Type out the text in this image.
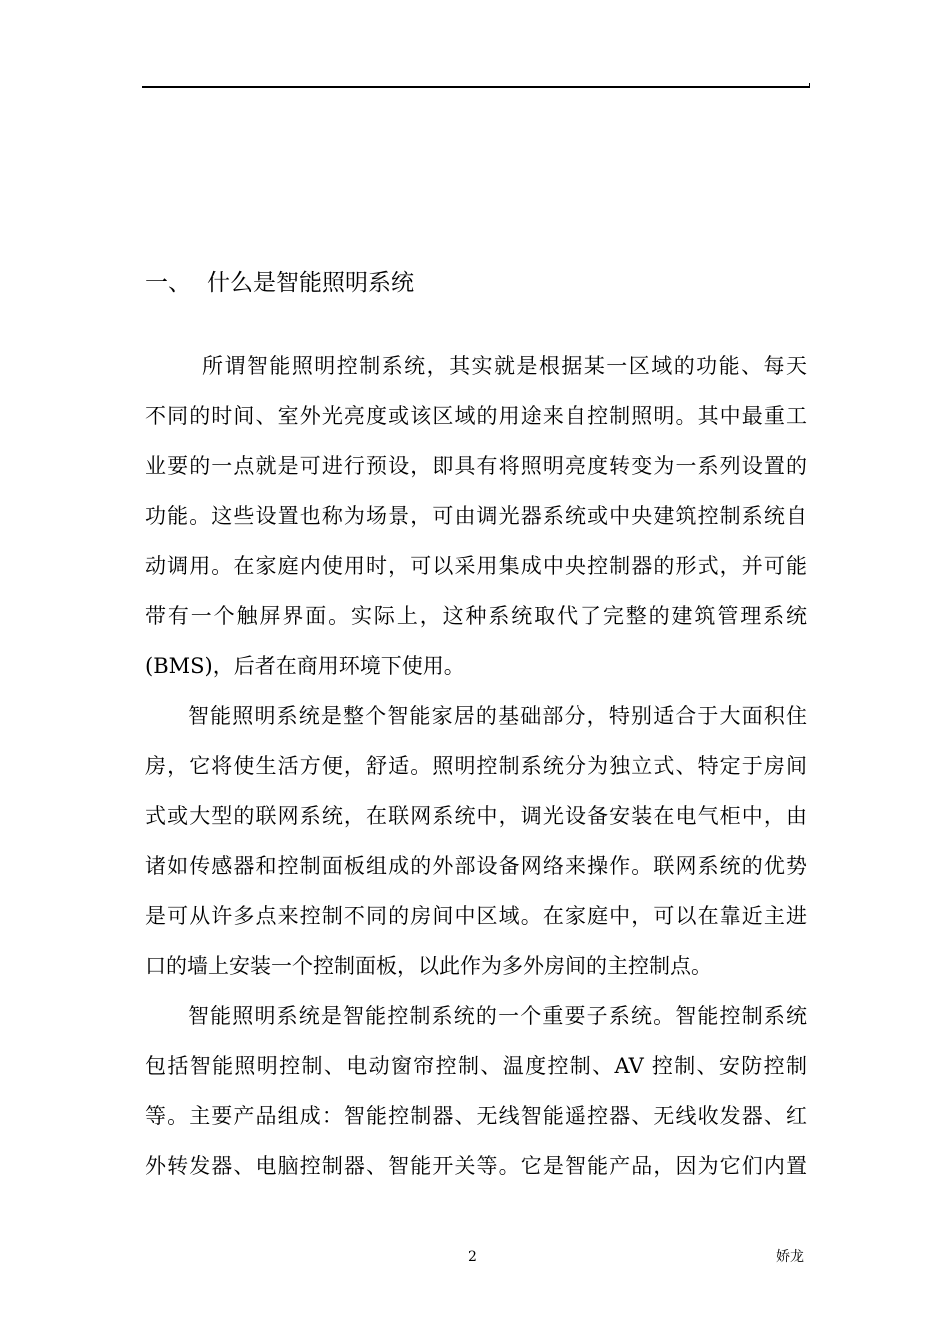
一、 什么是智能照明系统
所谓智能照明控制系统，其实就是根据某一区域的功能、每天
不同的时间、室外光亮度或该区域的用途来自控制照明。其中最重工
业要的一点就是可进行预设，即具有将照明亮度转变为一系列设置的
功能。这些设置也称为场景，可由调光器系统或中央建筑控制系统自
动调用。在家庭内使用时，可以采用集成中央控制器的形式，并可能
带有一个触屏界面。实际上，这种系统取代了完整的建筑管理系统
(BMS)，后者在商用环境下使用。
智能照明系统是整个智能家居的基础部分，特别适合于大面积住
房，它将使生活方便，舒适。照明控制系统分为独立式、特定于房间
式或大型的联网系统，在联网系统中，调光设备安装在电气柜中，由
诸如传感器和控制面板组成的外部设备网络来操作。联网系统的优势
是可从许多点来控制不同的房间中区域。在家庭中，可以在靠近主进
口的墙上安装一个控制面板，以此作为多外房间的主控制点。
智能照明系统是智能控制系统的一个重要子系统。智能控制系统
包括智能照明控制、电动窗帘控制、温度控制、AV 控制、安防控制
等。主要产品组成：智能控制器、无线智能遥控器、无线收发器、红
外转发器、电脑控制器、智能开关等。它是智能产品，因为它们内置
2	娇龙
